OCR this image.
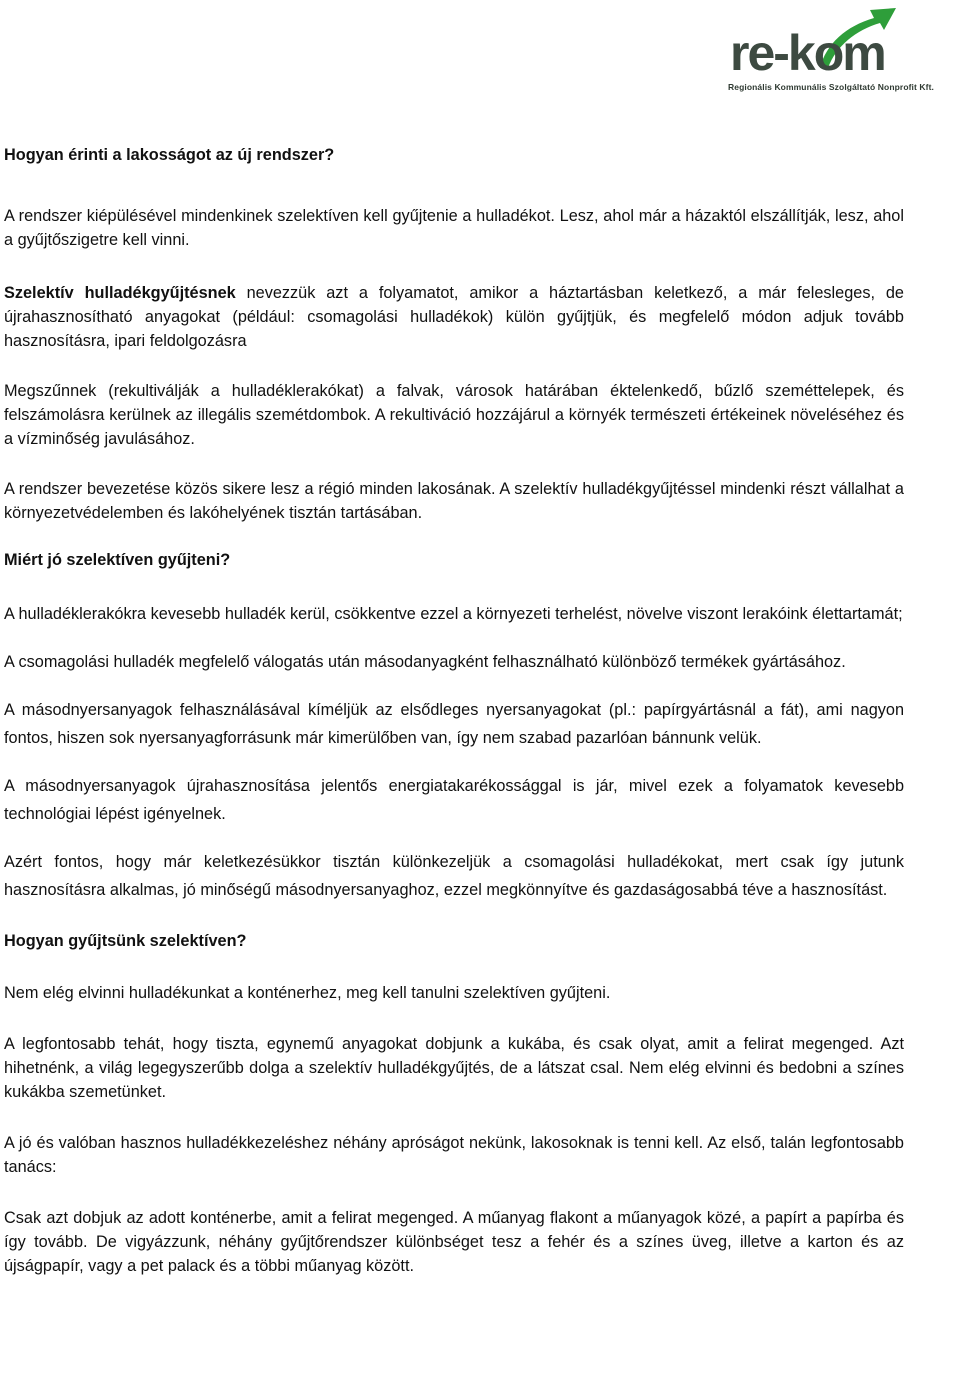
re-kom
Regionális Kommunális Szolgáltató Nonprofit Kft.

Hogyan érinti a lakosságot az új rendszer?

A rendszer kiépülésével mindenkinek szelektíven kell gyűjtenie a hulladékot. Lesz, ahol már a házaktól elszállítják, lesz, ahol a gyűjtőszigetre kell vinni.

Szelektív hulladékgyűjtésnek nevezzük azt a folyamatot, amikor a háztartásban keletkező, a már felesleges, de újrahasznosítható anyagokat (például: csomagolási hulladékok) külön gyűjtjük, és megfelelő módon adjuk tovább hasznosításra, ipari feldolgozásra

Megszűnnek (rekultiválják a hulladéklerakókat) a falvak, városok határában éktelenkedő, bűzlő szeméttelepek, és felszámolásra kerülnek az illegális szemétdombok. A rekultiváció hozzájárul a környék természeti értékeinek növeléséhez és a vízminőség javulásához.

A rendszer bevezetése közös sikere lesz a régió minden lakosának. A szelektív hulladékgyűjtéssel mindenki részt vállalhat a környezetvédelemben és lakóhelyének tisztán tartásában.

Miért jó szelektíven gyűjteni?

A hulladéklerakókra kevesebb hulladék kerül, csökkentve ezzel a környezeti terhelést, növelve viszont lerakóink élettartamát;

A csomagolási hulladék megfelelő válogatás után másodanyagként felhasználható különböző termékek gyártásához.

A másodnyersanyagok felhasználásával kíméljük az elsődleges nyersanyagokat (pl.: papírgyártásnál a fát), ami nagyon fontos, hiszen sok nyersanyagforrásunk már kimerülőben van, így nem szabad pazarlóan bánnunk velük.

A másodnyersanyagok újrahasznosítása jelentős energiatakarékossággal is jár, mivel ezek a folyamatok kevesebb technológiai lépést igényelnek.

Azért fontos, hogy már keletkezésükkor tisztán különkezeljük a csomagolási hulladékokat, mert csak így jutunk hasznosításra alkalmas, jó minőségű másodnyersanyaghoz, ezzel megkönnyítve és gazdaságosabbá téve a hasznosítást.

Hogyan gyűjtsünk szelektíven?

Nem elég elvinni hulladékunkat a konténerhez, meg kell tanulni szelektíven gyűjteni.

A legfontosabb tehát, hogy tiszta, egynemű anyagokat dobjunk a kukába, és csak olyat, amit a felirat megenged. Azt hihetnénk, a világ legegyszerűbb dolga a szelektív hulladékgyűjtés, de a látszat csal. Nem elég elvinni és bedobni a színes kukákba szemetünket.

A jó és valóban hasznos hulladékkezeléshez néhány apróságot nekünk, lakosoknak is tenni kell. Az első, talán legfontosabb tanács:

Csak azt dobjuk az adott konténerbe, amit a felirat megenged. A műanyag flakont a műanyagok közé, a papírt a papírba és így tovább. De vigyázzunk, néhány gyűjtőrendszer különbséget tesz a fehér és a színes üveg, illetve a karton és az újságpapír, vagy a pet palack és a többi műanyag között.
